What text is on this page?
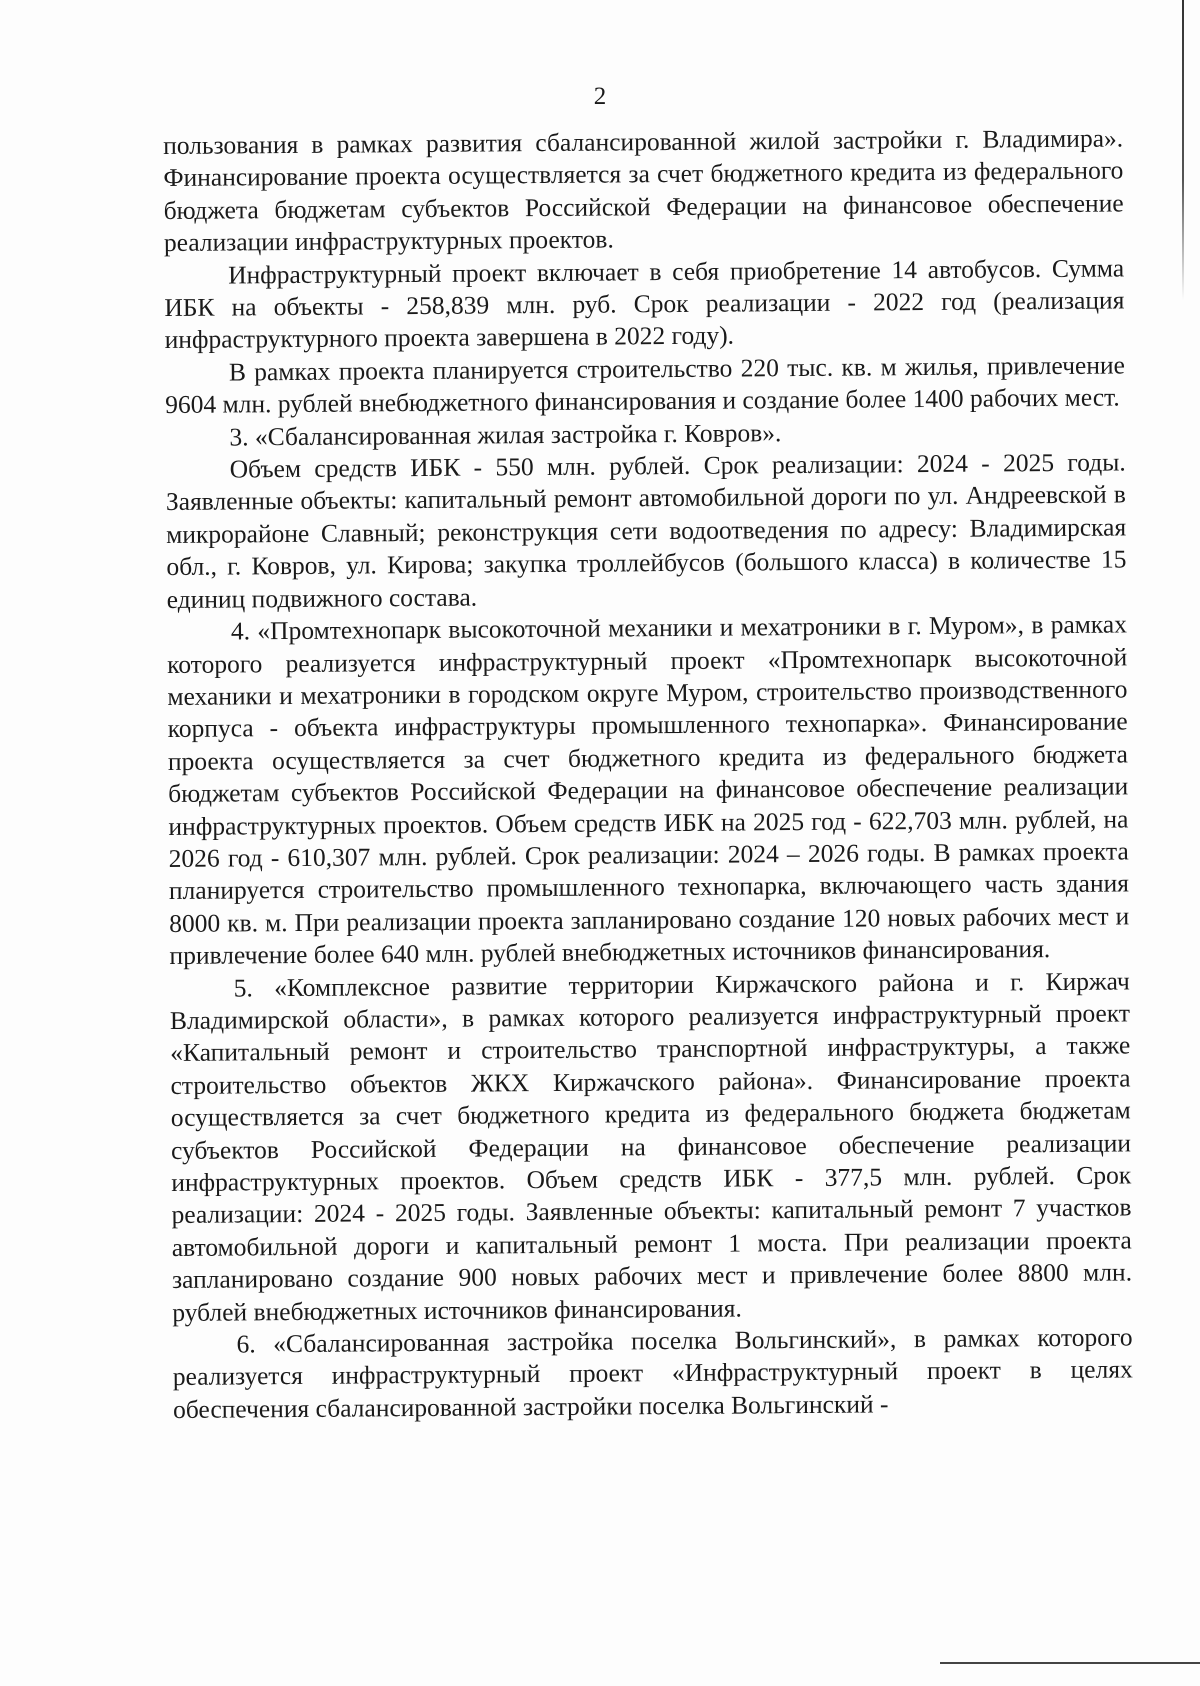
2

пользования в рамках развития сбалансированной жилой застройки г. Владимира». Финансирование проекта осуществляется за счет бюджетного кредита из федерального бюджета бюджетам субъектов Российской Федерации на финансовое обеспечение реализации инфраструктурных проектов.

Инфраструктурный проект включает в себя приобретение 14 автобусов. Сумма ИБК на объекты - 258,839 млн. руб. Срок реализации - 2022 год (реализация инфраструктурного проекта завершена в 2022 году).

В рамках проекта планируется строительство 220 тыс. кв. м жилья, привлечение 9604 млн. рублей внебюджетного финансирования и создание более 1400 рабочих мест.

3. «Сбалансированная жилая застройка г. Ковров».

Объем средств ИБК - 550 млн. рублей. Срок реализации: 2024 - 2025 годы. Заявленные объекты: капитальный ремонт автомобильной дороги по ул. Андреевской в микрорайоне Славный; реконструкция сети водоотведения по адресу: Владимирская обл., г. Ковров, ул. Кирова; закупка троллейбусов (большого класса) в количестве 15 единиц подвижного состава.

4. «Промтехнопарк высокоточной механики и мехатроники в г. Муром», в рамках которого реализуется инфраструктурный проект «Промтехнопарк высокоточной механики и мехатроники в городском округе Муром, строительство производственного корпуса - объекта инфраструктуры промышленного технопарка». Финансирование проекта осуществляется за счет бюджетного кредита из федерального бюджета бюджетам субъектов Российской Федерации на финансовое обеспечение реализации инфраструктурных проектов. Объем средств ИБК на 2025 год - 622,703 млн. рублей, на 2026 год - 610,307 млн. рублей. Срок реализации: 2024 – 2026 годы. В рамках проекта планируется строительство промышленного технопарка, включающего часть здания 8000 кв. м. При реализации проекта запланировано создание 120 новых рабочих мест и привлечение более 640 млн. рублей внебюджетных источников финансирования.

5. «Комплексное развитие территории Киржачского района и г. Киржач Владимирской области», в рамках которого реализуется инфраструктурный проект «Капитальный ремонт и строительство транспортной инфраструктуры, а также строительство объектов ЖКХ Киржачского района». Финансирование проекта осуществляется за счет бюджетного кредита из федерального бюджета бюджетам субъектов Российской Федерации на финансовое обеспечение реализации инфраструктурных проектов. Объем средств ИБК - 377,5 млн. рублей. Срок реализации: 2024 - 2025 годы. Заявленные объекты: капитальный ремонт 7 участков автомобильной дороги и капитальный ремонт 1 моста. При реализации проекта запланировано создание 900 новых рабочих мест и привлечение более 8800 млн. рублей внебюджетных источников финансирования.

6. «Сбалансированная застройка поселка Вольгинский», в рамках которого реализуется инфраструктурный проект «Инфраструктурный проект в целях обеспечения сбалансированной застройки поселка Вольгинский -
